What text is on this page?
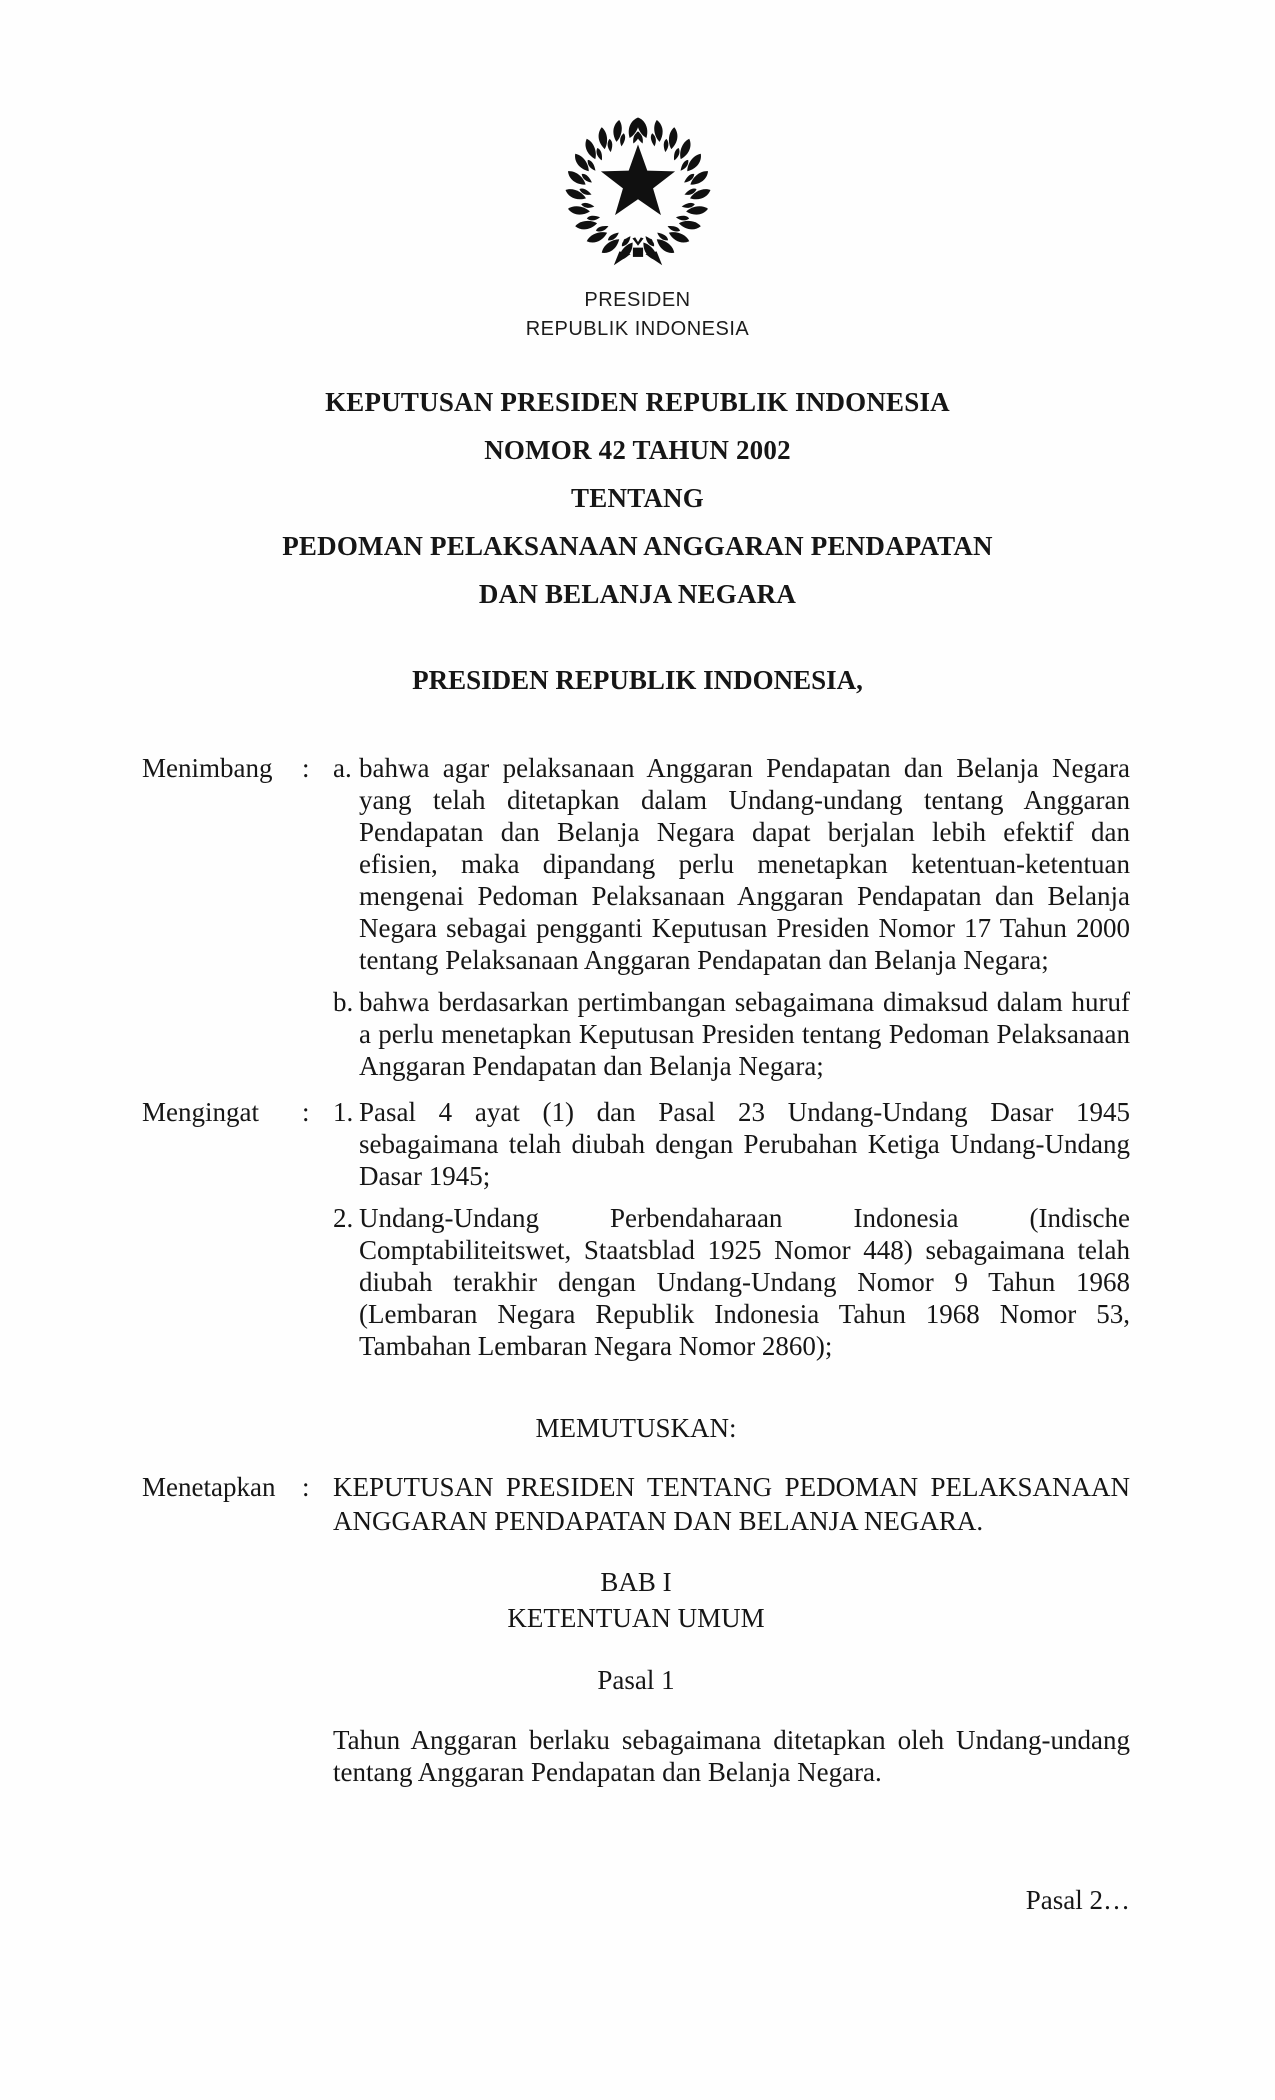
PRESIDEN
REPUBLIK INDONESIA
KEPUTUSAN PRESIDEN REPUBLIK INDONESIA
NOMOR 42 TAHUN 2002
TENTANG
PEDOMAN PELAKSANAAN ANGGARAN PENDAPATAN
DAN BELANJA NEGARA
PRESIDEN REPUBLIK INDONESIA,
Menimbang	: a. bahwa agar pelaksanaan Anggaran Pendapatan dan Belanja Negara yang telah ditetapkan dalam Undang-undang tentang Anggaran Pendapatan dan Belanja Negara dapat berjalan lebih efektif dan efisien, maka dipandang perlu menetapkan ketentuan-ketentuan mengenai Pedoman Pelaksanaan Anggaran Pendapatan dan Belanja Negara sebagai pengganti Keputusan Presiden Nomor 17 Tahun 2000 tentang Pelaksanaan Anggaran Pendapatan dan Belanja Negara;
b. bahwa berdasarkan pertimbangan sebagaimana dimaksud dalam huruf a perlu menetapkan Keputusan Presiden tentang Pedoman Pelaksanaan Anggaran Pendapatan dan Belanja Negara;
Mengingat	: 1. Pasal 4 ayat (1) dan Pasal 23 Undang-Undang Dasar 1945 sebagaimana telah diubah dengan Perubahan Ketiga Undang-Undang Dasar 1945;
2. Undang-Undang Perbendaharaan Indonesia (Indische Comptabiliteitswet, Staatsblad 1925 Nomor 448) sebagaimana telah diubah terakhir dengan Undang-Undang Nomor 9 Tahun 1968 (Lembaran Negara Republik Indonesia Tahun 1968 Nomor 53, Tambahan Lembaran Negara Nomor 2860);
MEMUTUSKAN:
Menetapkan : KEPUTUSAN PRESIDEN TENTANG PEDOMAN PELAKSANAAN ANGGARAN PENDAPATAN DAN BELANJA NEGARA.
BAB I
KETENTUAN UMUM
Pasal 1
Tahun Anggaran berlaku sebagaimana ditetapkan oleh Undang-undang tentang Anggaran Pendapatan dan Belanja Negara.
Pasal 2…
